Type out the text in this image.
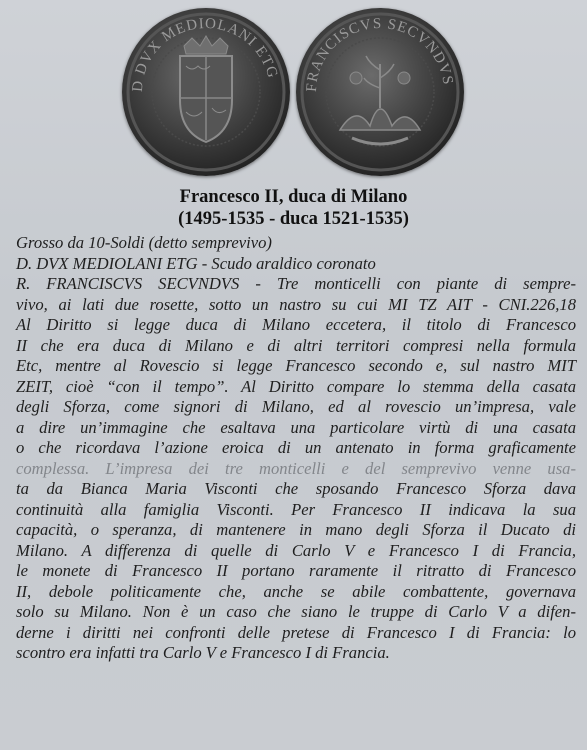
D DVX MEDIOLANI ETG
FRANCISCVS SECVNDVS
Francesco II, duca di Milano
(1495-1535 - duca 1521-1535)
Grosso da 10-Soldi (detto semprevivo)
D. DVX MEDIOLANI ETG - Scudo araldico coronato
R. FRANCISCVS SECVNDVS - Tre monticelli con piante di sempre-
vivo, ai lati due rosette, sotto un nastro su cui MI TZ AIT - CNI.226,18
Al Diritto si legge duca di Milano eccetera, il titolo di Francesco
II che era duca di Milano e di altri territori compresi nella formula
Etc, mentre al Rovescio si legge Francesco secondo e, sul nastro MIT
ZEIT, cioè “con il tempo”. Al Diritto compare lo stemma della casata
degli Sforza, come signori di Milano, ed al rovescio un’impresa, vale
a dire un’immagine che esaltava una particolare virtù di una casata
o che ricordava l’azione eroica di un antenato in forma graficamente
complessa. L’impresa dei tre monticelli e del semprevivo venne usa-
ta da Bianca Maria Visconti che sposando Francesco Sforza dava
continuità alla famiglia Visconti. Per Francesco II indicava la sua
capacità, o speranza, di mantenere in mano degli Sforza il Ducato di
Milano. A differenza di quelle di Carlo V e Francesco I di Francia,
le monete di Francesco II portano raramente il ritratto di Francesco
II, debole politicamente che, anche se abile combattente, governava
solo su Milano. Non è un caso che siano le truppe di Carlo V a difen-
derne i diritti nei confronti delle pretese di Francesco I di Francia: lo
scontro era infatti tra Carlo V e Francesco I di Francia.
